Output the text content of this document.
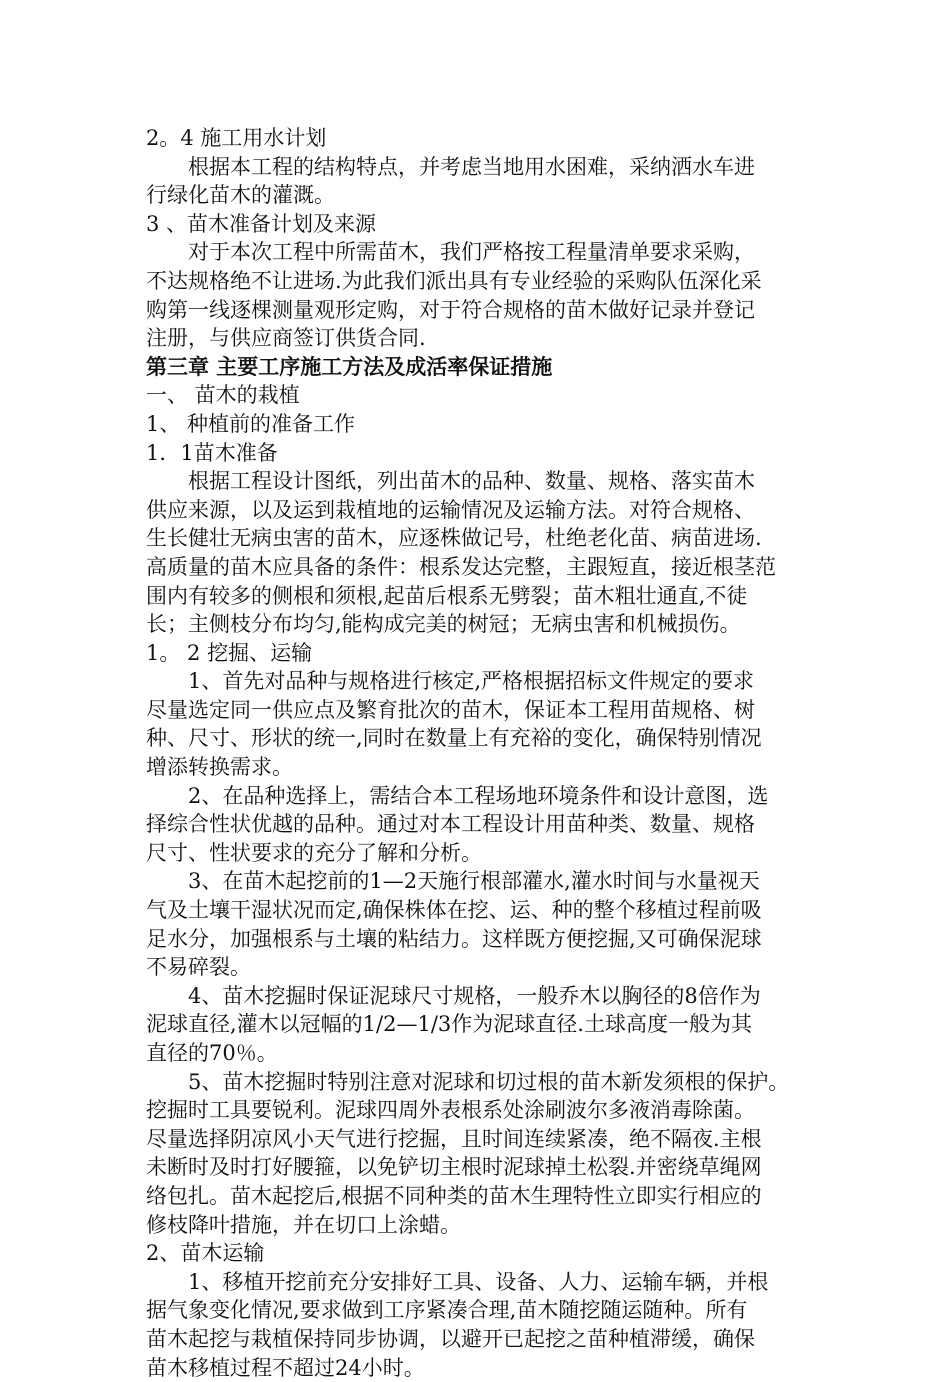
2。4 施工用水计划
根据本工程的结构特点，并考虑当地用水困难，采纳洒水车进
行绿化苗木的灌溉。
3 、苗木准备计划及来源
对于本次工程中所需苗木，我们严格按工程量清单要求采购，
不达规格绝不让进场.为此我们派出具有专业经验的采购队伍深化采
购第一线逐棵测量观形定购，对于符合规格的苗木做好记录并登记
注册，与供应商签订供货合同.
第三章 主要工序施工方法及成活率保证措施
一、 苗木的栽植
1、 种植前的准备工作
1．1苗木准备
根据工程设计图纸，列出苗木的品种、数量、规格、落实苗木
供应来源，以及运到栽植地的运输情况及运输方法。对符合规格、
生长健壮无病虫害的苗木，应逐株做记号，杜绝老化苗、病苗进场.
高质量的苗木应具备的条件：根系发达完整，主跟短直，接近根茎范
围内有较多的侧根和须根,起苗后根系无劈裂；苗木粗壮通直,不徒
长；主侧枝分布均匀,能构成完美的树冠；无病虫害和机械损伤。
1。 2 挖掘、运输
1、首先对品种与规格进行核定,严格根据招标文件规定的要求
尽量选定同一供应点及繁育批次的苗木，保证本工程用苗规格、树
种、尺寸、形状的统一,同时在数量上有充裕的变化，确保特别情况
增添转换需求。
2、在品种选择上，需结合本工程场地环境条件和设计意图，选
择综合性状优越的品种。通过对本工程设计用苗种类、数量、规格
尺寸、性状要求的充分了解和分析。
3、在苗木起挖前的1—2天施行根部灌水,灌水时间与水量视天
气及土壤干湿状况而定,确保株体在挖、运、种的整个移植过程前吸
足水分，加强根系与土壤的粘结力。这样既方便挖掘,又可确保泥球
不易碎裂。
4、苗木挖掘时保证泥球尺寸规格，一般乔木以胸径的8倍作为
泥球直径,灌木以冠幅的1/2—1/3作为泥球直径.土球高度一般为其
直径的70％。
5、苗木挖掘时特别注意对泥球和切过根的苗木新发须根的保护。
挖掘时工具要锐利。泥球四周外表根系处涂刷波尔多液消毒除菌。
尽量选择阴凉风小天气进行挖掘，且时间连续紧凑，绝不隔夜.主根
未断时及时打好腰箍，以免铲切主根时泥球掉土松裂.并密绕草绳网
络包扎。苗木起挖后,根据不同种类的苗木生理特性立即实行相应的
修枝降叶措施，并在切口上涂蜡。
2、苗木运输
1、移植开挖前充分安排好工具、设备、人力、运输车辆，并根
据气象变化情况,要求做到工序紧凑合理,苗木随挖随运随种。所有
苗木起挖与栽植保持同步协调，以避开已起挖之苗种植滞缓，确保
苗木移植过程不超过24小时。
